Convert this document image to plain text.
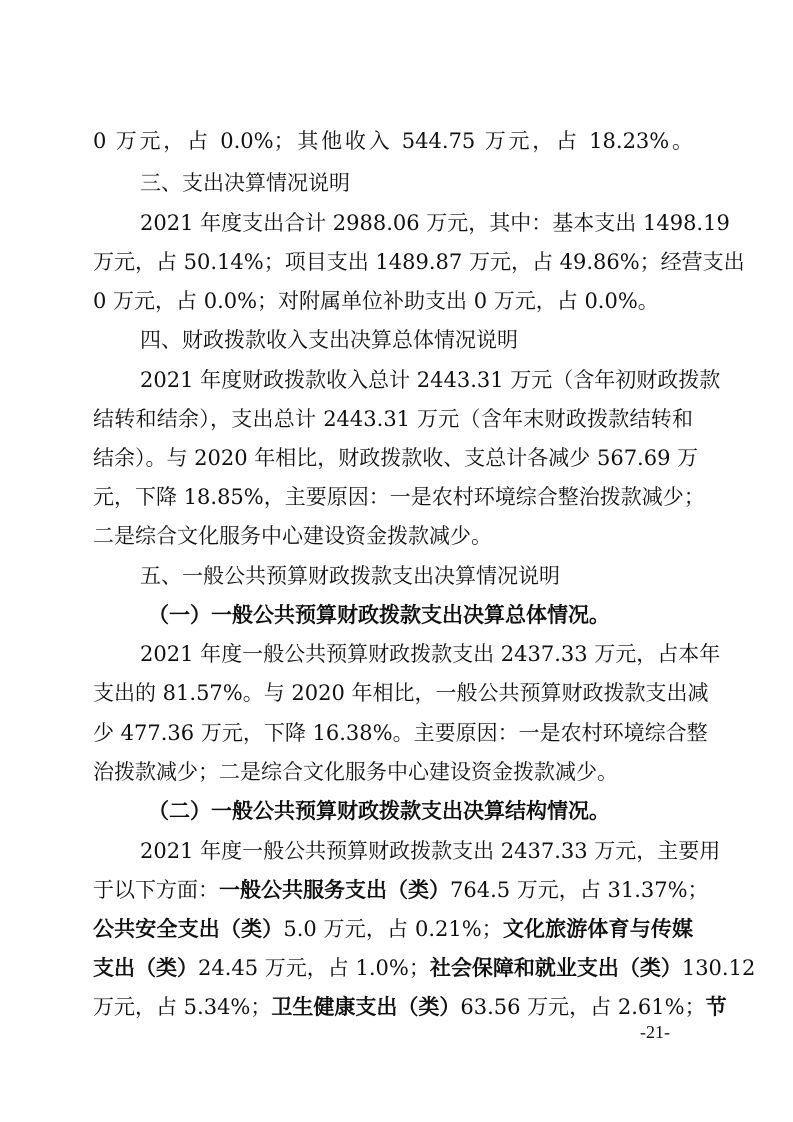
0 万元，占 0.0%；其他收入 544.75 万元，占 18.23%。
三、支出决算情况说明
2021 年度支出合计 2988.06 万元，其中：基本支出 1498.19
万元，占 50.14%；项目支出 1489.87 万元，占 49.86%；经营支出
0 万元，占 0.0%；对附属单位补助支出 0 万元，占 0.0%。
四、财政拨款收入支出决算总体情况说明
2021 年度财政拨款收入总计 2443.31 万元（含年初财政拨款
结转和结余），支出总计 2443.31 万元（含年末财政拨款结转和
结余）。与 2020 年相比，财政拨款收、支总计各减少 567.69 万
元，下降 18.85%，主要原因：一是农村环境综合整治拨款减少；
二是综合文化服务中心建设资金拨款减少。
五、一般公共预算财政拨款支出决算情况说明
（一）一般公共预算财政拨款支出决算总体情况。
2021 年度一般公共预算财政拨款支出 2437.33 万元，占本年
支出的 81.57%。与 2020 年相比，一般公共预算财政拨款支出减
少 477.36 万元，下降 16.38%。主要原因：一是农村环境综合整
治拨款减少；二是综合文化服务中心建设资金拨款减少。
（二）一般公共预算财政拨款支出决算结构情况。
2021 年度一般公共预算财政拨款支出 2437.33 万元，主要用
于以下方面：一般公共服务支出（类）764.5 万元，占 31.37%；
公共安全支出（类）5.0 万元，占 0.21%；文化旅游体育与传媒
支出（类）24.45 万元，占 1.0%；社会保障和就业支出（类）130.12
万元，占 5.34%；卫生健康支出（类）63.56 万元，占 2.61%；节
-21-
